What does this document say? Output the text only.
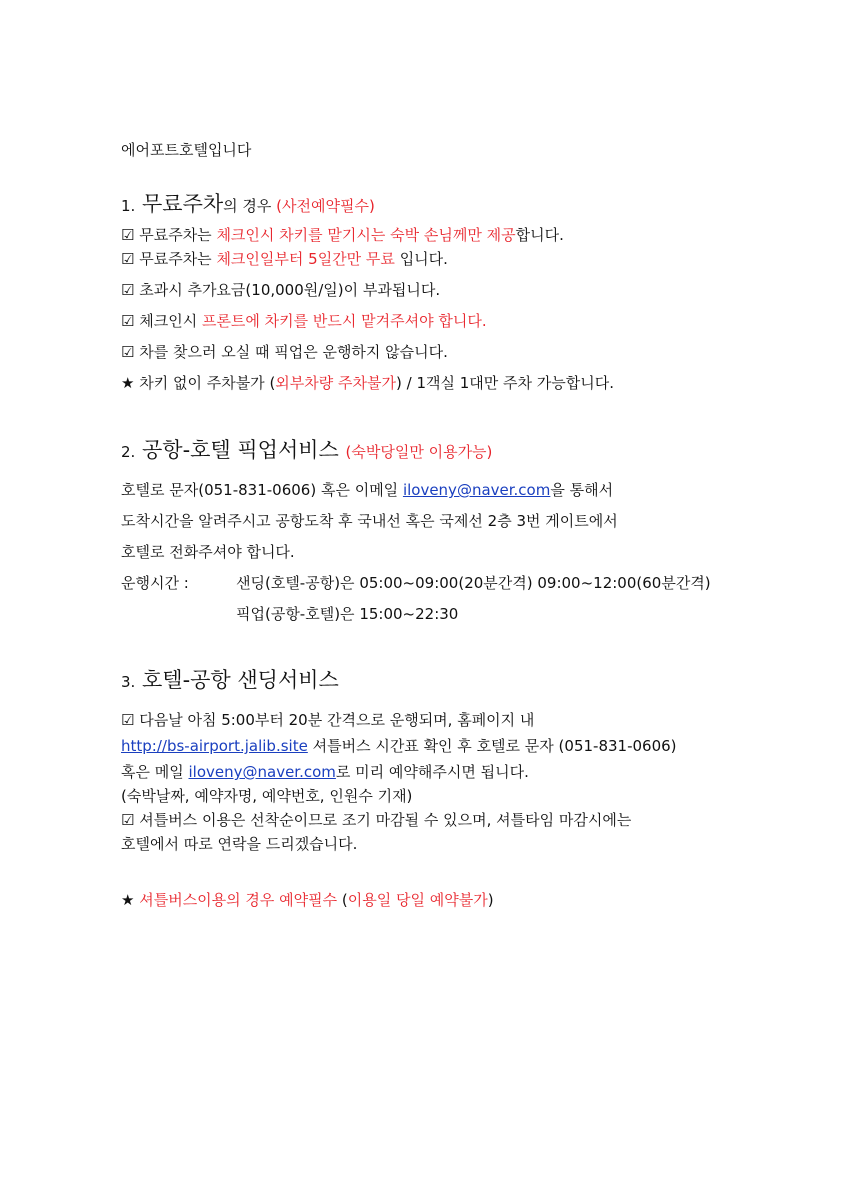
에어포트호텔입니다
1. 무료주차의 경우 (사전예약필수)
☑ 무료주차는 체크인시 차키를 맡기시는 숙박 손님께만 제공합니다.
☑ 무료주차는 체크인일부터 5일간만 무료 입니다.
☑ 초과시 추가요금(10,000원/일)이 부과됩니다.
☑ 체크인시 프론트에 차키를 반드시 맡겨주셔야 합니다.
☑ 차를 찾으러 오실 때 픽업은 운행하지 않습니다.
★ 차키 없이 주차불가 (외부차량 주차불가) / 1객실 1대만 주차 가능합니다.
2. 공항-호텔 픽업서비스 (숙박당일만 이용가능)
호텔로 문자(051-831-0606) 혹은 이메일 iloveny@naver.com을 통해서
도착시간을 알려주시고 공항도착 후 국내선 혹은 국제선 2층 3번 게이트에서
호텔로 전화주셔야 합니다.
운행시간 :	샌딩(호텔-공항)은 05:00~09:00(20분간격) 09:00~12:00(60분간격)
픽업(공항-호텔)은 15:00~22:30
3. 호텔-공항 샌딩서비스
☑ 다음날 아침 5:00부터 20분 간격으로 운행되며, 홈페이지 내
http://bs-airport.jalib.site 셔틀버스 시간표 확인 후 호텔로 문자 (051-831-0606)
혹은 메일 iloveny@naver.com로 미리 예약해주시면 됩니다.
(숙박날짜, 예약자명, 예약번호, 인원수 기재)
☑ 셔틀버스 이용은 선착순이므로 조기 마감될 수 있으며, 셔틀타임 마감시에는
호텔에서 따로 연락을 드리겠습니다.
★ 셔틀버스이용의 경우 예약필수 (이용일 당일 예약불가)
